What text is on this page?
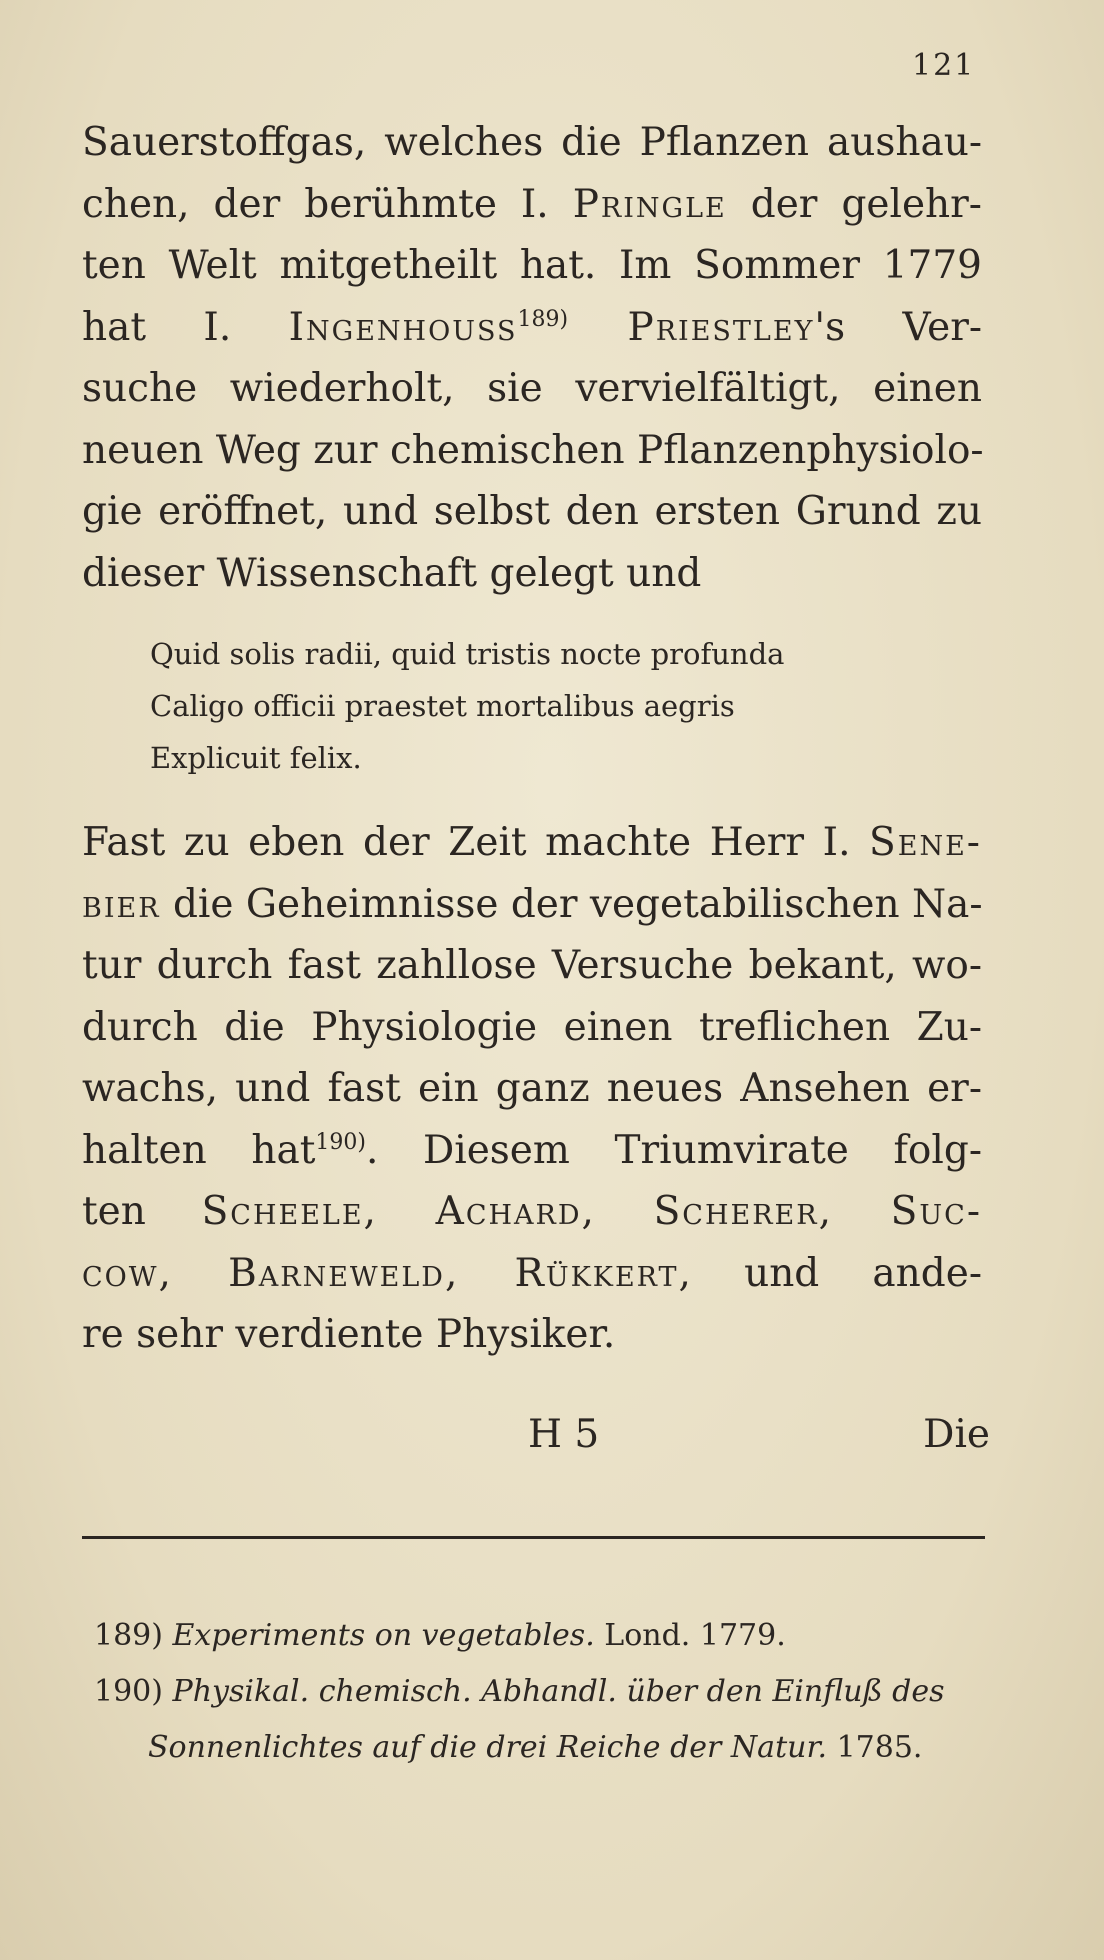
121
Sauerstoffgas, welches die Pflanzen aushau-
chen, der berühmte I. Pringle der gelehr-
ten Welt mitgetheilt hat. Im Sommer 1779
hat I. Ingenhouss$^{189)}$ Priestley's Ver-
suche wiederholt, sie vervielfältigt, einen
neuen Weg zur chemischen Pflanzenphysiolo-
gie eröffnet, und selbst den ersten Grund zu
dieser Wissenschaft gelegt und
Quid solis radii, quid tristis nocte profunda
Caligo officii praestet mortalibus aegris
Explicuit felix.
Fast zu eben der Zeit machte Herr I. Sene-
bier die Geheimnisse der vegetabilischen Na-
tur durch fast zahllose Versuche bekant, wo-
durch die Physiologie einen treflichen Zu-
wachs, und fast ein ganz neues Ansehen er-
halten hat$^{190)}$. Diesem Triumvirate folg-
ten Scheele, Achard, Scherer, Suc-
cow, Barneweld, Rükkert, und ande-
re sehr verdiente Physiker.
H 5	Die
189) Experiments on vegetables. Lond. 1779.
190) Physikal. chemisch. Abhandl. über den Einfluß des
Sonnenlichtes auf die drei Reiche der Natur. 1785.
